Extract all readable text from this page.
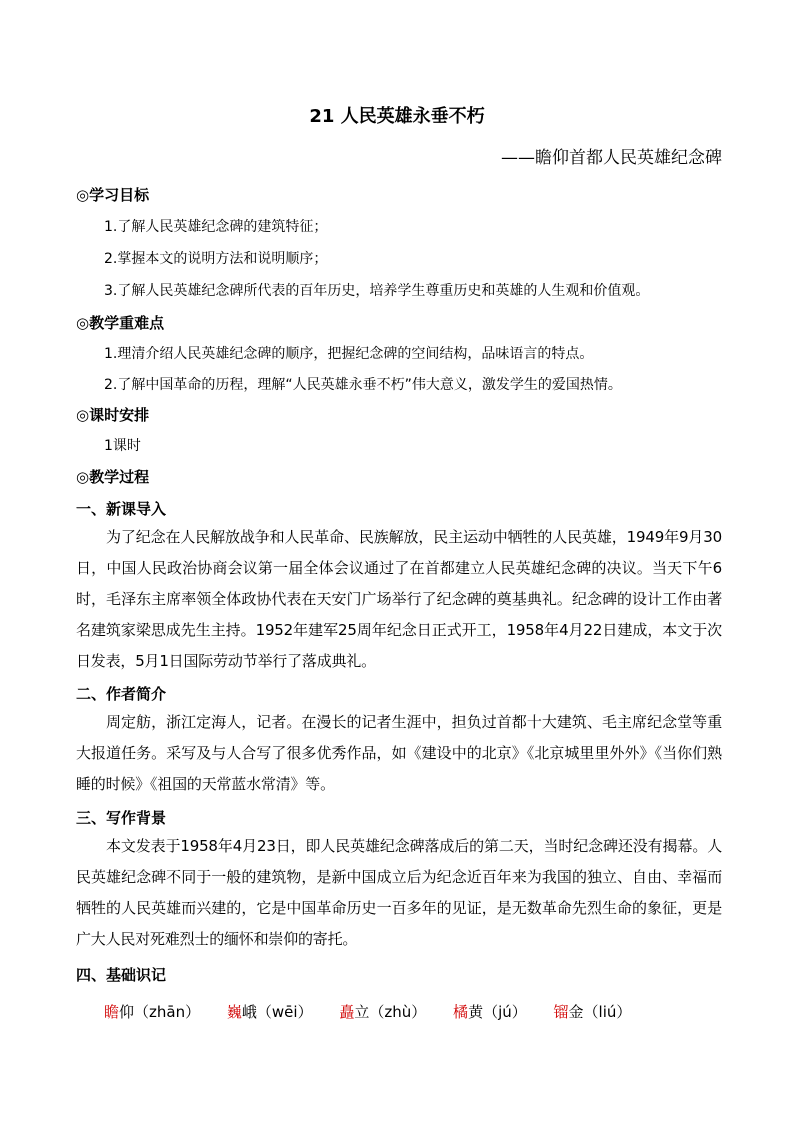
21 人民英雄永垂不朽
——瞻仰首都人民英雄纪念碑
◎学习目标
1.了解人民英雄纪念碑的建筑特征；
2.掌握本文的说明方法和说明顺序；
3.了解人民英雄纪念碑所代表的百年历史，培养学生尊重历史和英雄的人生观和价值观。
◎教学重难点
1.理清介绍人民英雄纪念碑的顺序，把握纪念碑的空间结构，品味语言的特点。
2.了解中国革命的历程，理解“人民英雄永垂不朽”伟大意义，激发学生的爱国热情。
◎课时安排
1课时
◎教学过程
一、新课导入
为了纪念在人民解放战争和人民革命、民族解放，民主运动中牺牲的人民英雄，1949年9月30日，中国人民政治协商会议第一届全体会议通过了在首都建立人民英雄纪念碑的决议。当天下午6时，毛泽东主席率领全体政协代表在天安门广场举行了纪念碑的奠基典礼。纪念碑的设计工作由著名建筑家梁思成先生主持。1952年建军25周年纪念日正式开工，1958年4月22日建成，本文于次日发表，5月1日国际劳动节举行了落成典礼。
二、作者简介
周定舫，浙江定海人，记者。在漫长的记者生涯中，担负过首都十大建筑、毛主席纪念堂等重大报道任务。采写及与人合写了很多优秀作品，如《建设中的北京》《北京城里里外外》《当你们熟睡的时候》《祖国的天常蓝水常清》等。
三、写作背景
本文发表于1958年4月23日，即人民英雄纪念碑落成后的第二天，当时纪念碑还没有揭幕。人民英雄纪念碑不同于一般的建筑物，是新中国成立后为纪念近百年来为我国的独立、自由、幸福而牺牲的人民英雄而兴建的，它是中国革命历史一百多年的见证，是无数革命先烈生命的象征，更是广大人民对死难烈士的缅怀和崇仰的寄托。
四、基础识记
瞻仰（zhān） 巍峨（wēi） 矗立（zhù） 橘黄（jú） 镏金（liú）
